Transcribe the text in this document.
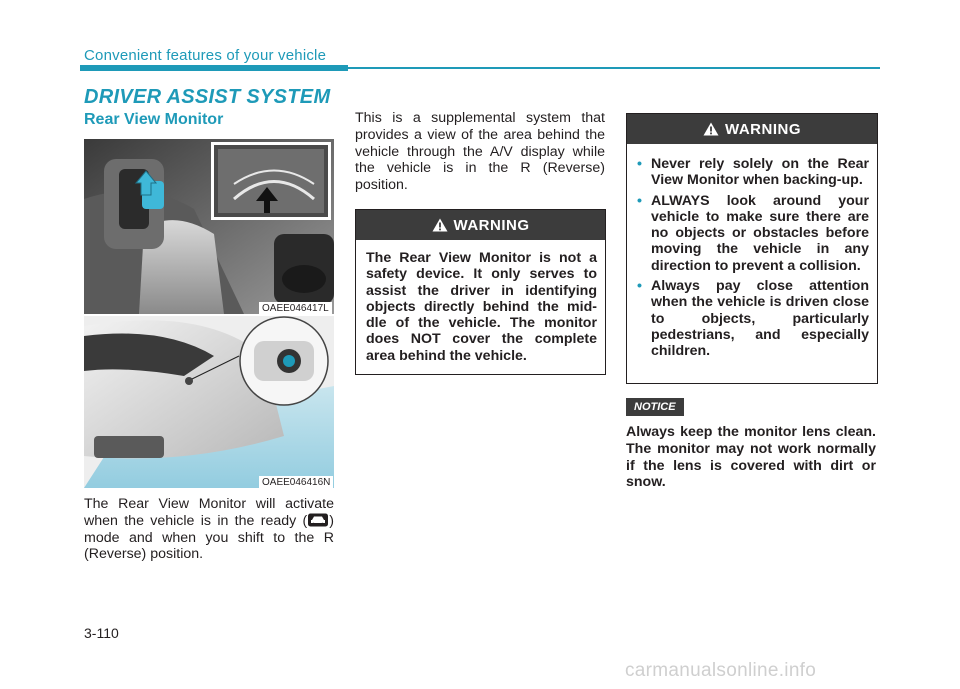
Convenient features of your vehicle
DRIVER ASSIST SYSTEM
Rear View Monitor
OAEE046417L
OAEE046416N
The Rear View Monitor will activate when the vehicle is in the ready ( ) mode and when you shift to the R (Reverse) position.
This is a supplemental system that provides a view of the area behind the vehicle through the A/V display while the vehicle is in the R (Reverse) position.
WARNING
The Rear View Monitor is not a safety device. It only serves to assist the driver in identifying objects directly behind the mid-dle of the vehicle. The monitor does NOT cover the complete area behind the vehicle.
WARNING
• Never rely solely on the Rear View Monitor when backing-up.
• ALWAYS look around your vehicle to make sure there are no objects or obstacles before moving the vehicle in any direction to prevent a collision.
• Always pay close attention when the vehicle is driven close to objects, particularly pedestrians, and especially children.
NOTICE
Always keep the monitor lens clean. The monitor may not work normally if the lens is covered with dirt or snow.
3-110
carmanualsonline.info
